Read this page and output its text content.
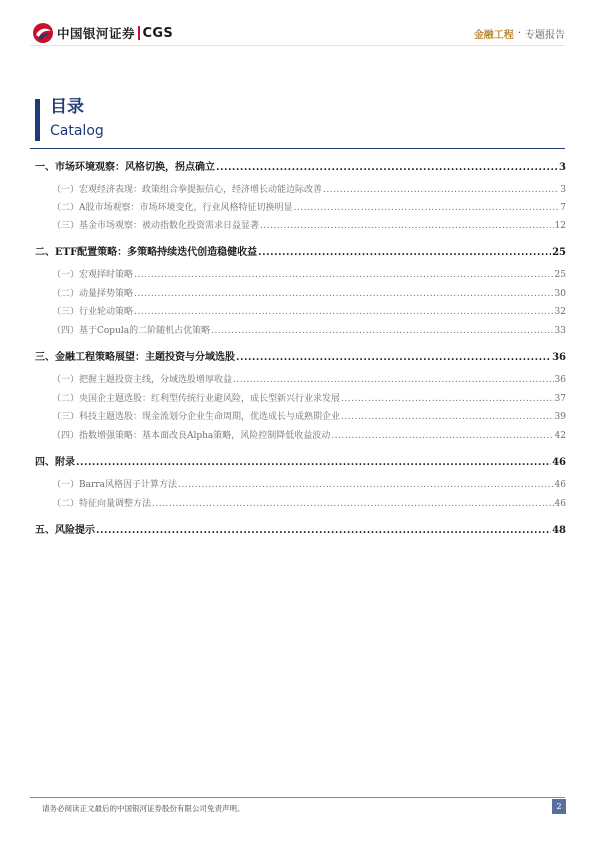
中国银河证券 CGS	金融工程 · 专题报告
目录
Catalog
一、 市场环境观察：风格切换，拐点确立 .....	3
（一） 宏观经济表现：政策组合拳提振信心，经济增长动能边际改善 .....	3
（二） A股市场观察：市场环境变化，行业风格特征切换明显 .....	7
（三） 基金市场观察：被动指数化投资需求日益显著 .....	12
二、 ETF配置策略：多策略持续迭代创造稳健收益 .....	25
（一） 宏观择时策略 .....	25
（二） 动量择势策略 .....	30
（三） 行业轮动策略 .....	32
（四） 基于Copula的二阶随机占优策略 .....	33
三、 金融工程策略展望：主题投资与分域选股 .....	36
（一） 把握主题投资主线，分域选股增厚收益 .....	36
（二） 央国企主题选股：红利型传统行业避风险，成长型新兴行业求发展 .....	37
（三） 科技主题选股：现金流划分企业生命周期，优选成长与成熟期企业 .....	39
（四） 指数增强策略：基本面改良Alpha策略，风险控制降低收益波动 .....	42
四、 附录 .....	46
（一） Barra风格因子计算方法 .....	46
（二） 特征向量调整方法 .....	46
五、 风险提示 .....	48
请务必阅读正文最后的中国银河证券股份有限公司免责声明。	2
